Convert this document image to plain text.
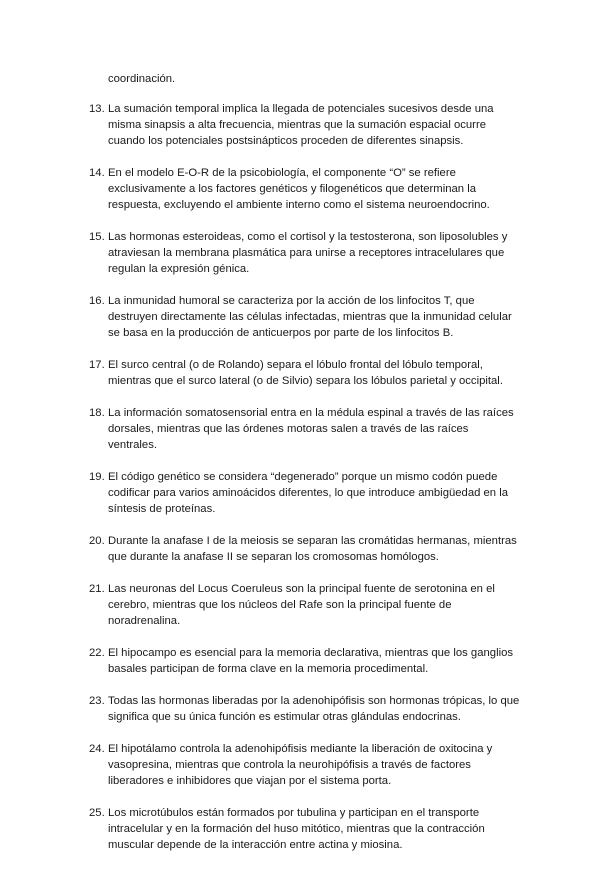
coordinación.

13. La sumación temporal implica la llegada de potenciales sucesivos desde una misma sinapsis a alta frecuencia, mientras que la sumación espacial ocurre cuando los potenciales postsinápticos proceden de diferentes sinapsis.
14. En el modelo E-O-R de la psicobiología, el componente “O” se refiere exclusivamente a los factores genéticos y filogenéticos que determinan la respuesta, excluyendo el ambiente interno como el sistema neuroendocrino.
15. Las hormonas esteroideas, como el cortisol y la testosterona, son liposolubles y atraviesan la membrana plasmática para unirse a receptores intracelulares que regulan la expresión génica.
16. La inmunidad humoral se caracteriza por la acción de los linfocitos T, que destruyen directamente las células infectadas, mientras que la inmunidad celular se basa en la producción de anticuerpos por parte de los linfocitos B.
17. El surco central (o de Rolando) separa el lóbulo frontal del lóbulo temporal, mientras que el surco lateral (o de Silvio) separa los lóbulos parietal y occipital.
18. La información somatosensorial entra en la médula espinal a través de las raíces dorsales, mientras que las órdenes motoras salen a través de las raíces ventrales.
19. El código genético se considera “degenerado” porque un mismo codón puede codificar para varios aminoácidos diferentes, lo que introduce ambigüedad en la síntesis de proteínas.
20. Durante la anafase I de la meiosis se separan las cromátidas hermanas, mientras que durante la anafase II se separan los cromosomas homólogos.
21. Las neuronas del Locus Coeruleus son la principal fuente de serotonina en el cerebro, mientras que los núcleos del Rafe son la principal fuente de noradrenalina.
22. El hipocampo es esencial para la memoria declarativa, mientras que los ganglios basales participan de forma clave en la memoria procedimental.
23. Todas las hormonas liberadas por la adenohipófisis son hormonas trópicas, lo que significa que su única función es estimular otras glándulas endocrinas.
24. El hipotálamo controla la adenohipófisis mediante la liberación de oxitocina y vasopresina, mientras que controla la neurohipófisis a través de factores liberadores e inhibidores que viajan por el sistema porta.
25. Los microtúbulos están formados por tubulina y participan en el transporte intracelular y en la formación del huso mitótico, mientras que la contracción muscular depende de la interacción entre actina y miosina.
